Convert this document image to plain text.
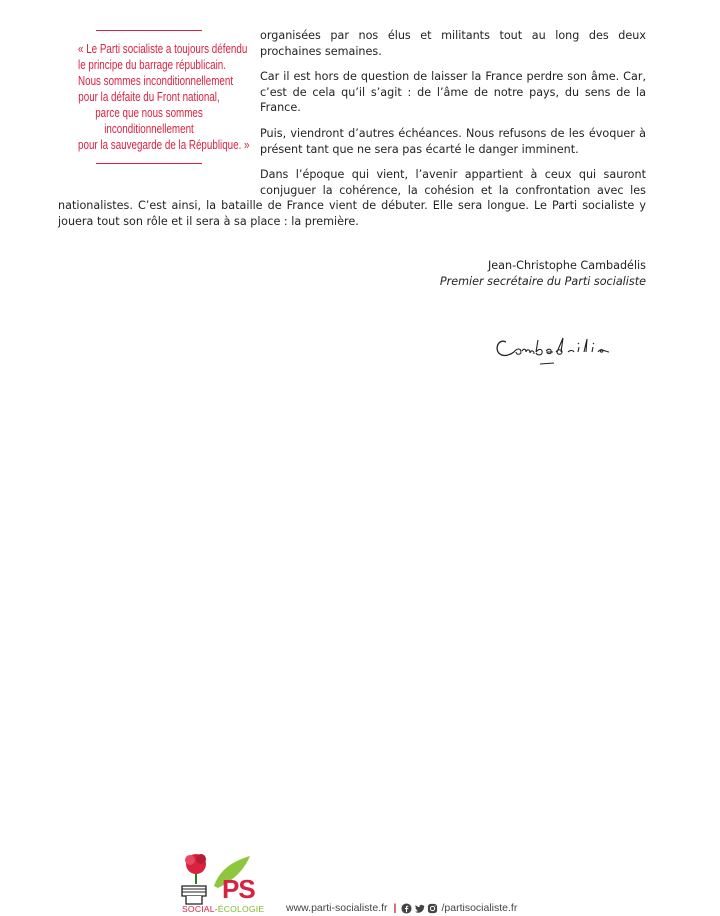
« Le Parti socialiste a toujours défendu
le principe du barrage républicain.
Nous sommes inconditionnellement
pour la défaite du Front national,
parce que nous sommes
inconditionnellement
pour la sauvegarde de la République. »

organisées par nos élus et militants tout au long des deux prochaines semaines.

Car il est hors de question de laisser la France perdre son âme. Car, c’est de cela qu’il s’agit : de l’âme de notre pays, du sens de la France.

Puis, viendront d’autres échéances. Nous refusons de les évoquer à présent tant que ne sera pas écarté le danger imminent.

Dans l’époque qui vient, l’avenir appartient à ceux qui sauront conjuguer la cohérence, la cohésion et la confrontation avec les nationalistes. C’est ainsi, la bataille de France vient de débuter. Elle sera longue. Le Parti socialiste y jouera tout son rôle et il sera à sa place : la première.

Jean-Christophe Cambadélis
Premier secrétaire du Parti socialiste
PS
SOCIAL-ÉCOLOGIE www.parti-socialiste.fr |	/partisocialiste.fr
